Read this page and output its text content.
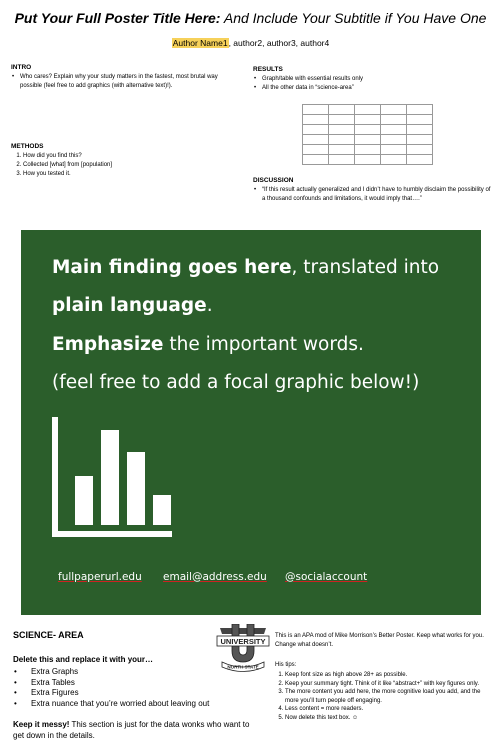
Put Your Full Poster Title Here: And Include Your Subtitle if You Have One
Author Name1, author2, author3, author4
INTRO
• Who cares? Explain why your study matters in the fastest, most brutal way possible (feel free to add graphics (with alternative text)!).
METHODS
1. How did you find this?
2. Collected [what] from [population]
3. How you tested it.
RESULTS
• Graph/table with essential results only
• All the other data in “science-area”

DISCUSSION
• “If this result actually generalized and I didn’t have to humbly disclaim the possibility of a thousand confounds and limitations, it would imply that….”
Main finding goes here, translated into
plain language.
Emphasize the important words.
(feel free to add a focal graphic below!)
fullpaperurl.edu email@address.edu @socialaccount
SCIENCE- AREA
Delete this and replace it with your…
• Extra Graphs
• Extra Tables
• Extra Figures
• Extra nuance that you’re worried about leaving out
Keep it messy! This section is just for the data wonks who want to get down in the details.
UNIVERSITY
NORTH STATE
This is an APA mod of Mike Morrison’s Better Poster. Keep what works for you. Change what doesn’t.
His tips:
1. Keep font size as high above 28+ as possible.
2. Keep your summary tight. Think of it like “abstract+” with key figures only.
3. The more content you add here, the more cognitive load you add, and the more you’ll turn people off engaging.
4. Less content = more readers.
5. Now delete this text box. ☺
